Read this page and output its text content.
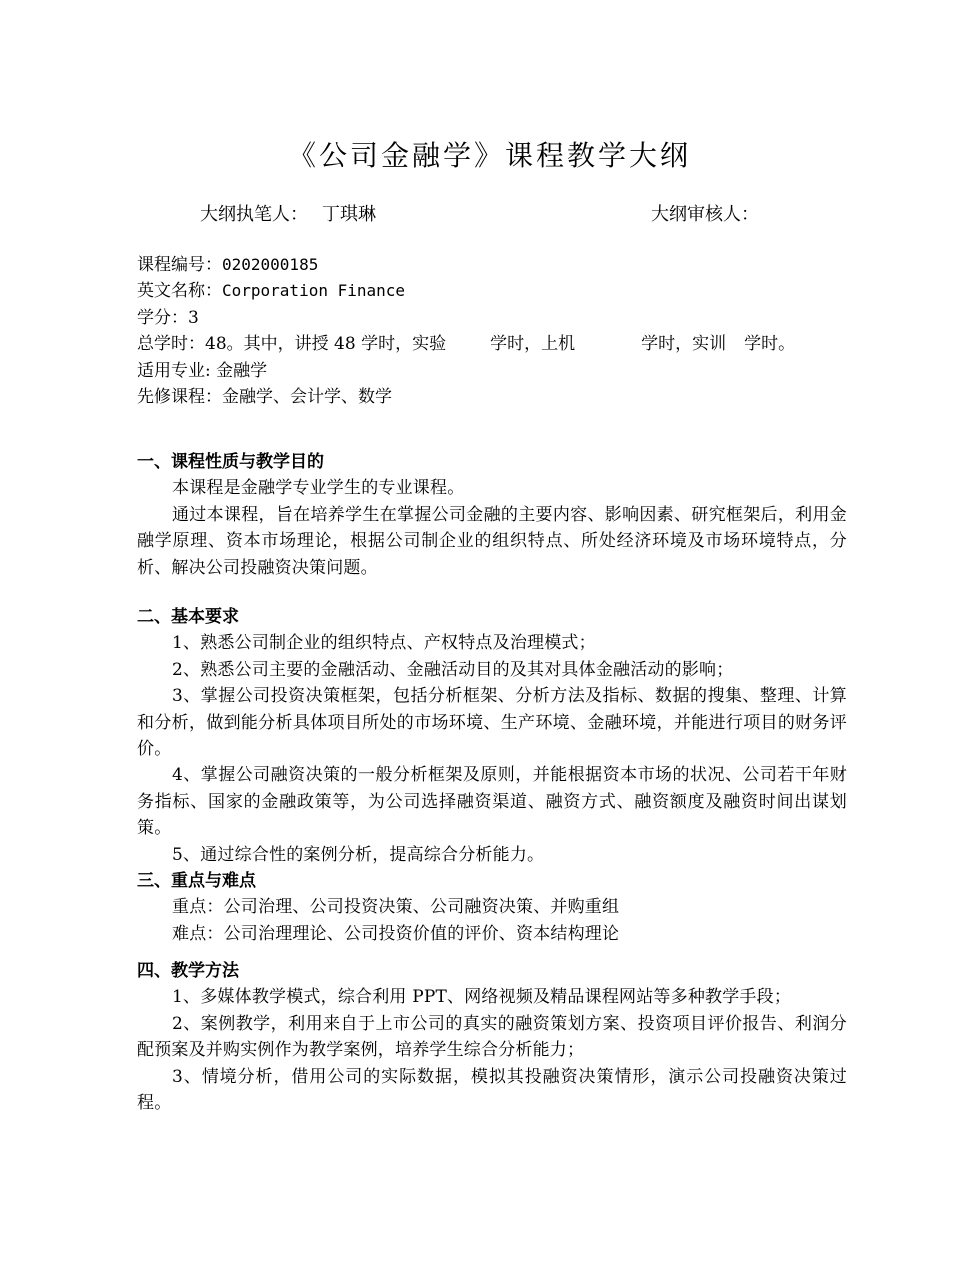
《公司金融学》课程教学大纲
大纲执笔人： 丁琪琳	大纲审核人：
课程编号：0202000185
英文名称：Corporation Finance
学分：3
总学时：48。其中，讲授 48 学时，实验	学时，上机	学时，实训 学时。
适用专业: 金融学
先修课程：金融学、会计学、数学
一、课程性质与教学目的

本课程是金融学专业学生的专业课程。

通过本课程，旨在培养学生在掌握公司金融的主要内容、影响因素、研究框架后，利用金融学原理、资本市场理论，根据公司制企业的组织特点、所处经济环境及市场环境特点，分析、解决公司投融资决策问题。

二、基本要求

1、熟悉公司制企业的组织特点、产权特点及治理模式；

2、熟悉公司主要的金融活动、金融活动目的及其对具体金融活动的影响；

3、掌握公司投资决策框架，包括分析框架、分析方法及指标、数据的搜集、整理、计算和分析，做到能分析具体项目所处的市场环境、生产环境、金融环境，并能进行项目的财务评价。

4、掌握公司融资决策的一般分析框架及原则，并能根据资本市场的状况、公司若干年财务指标、国家的金融政策等，为公司选择融资渠道、融资方式、融资额度及融资时间出谋划策。

5、通过综合性的案例分析，提高综合分析能力。

三、重点与难点

重点：公司治理、公司投资决策、公司融资决策、并购重组

难点：公司治理理论、公司投资价值的评价、资本结构理论

四、教学方法

1、多媒体教学模式，综合利用 PPT、网络视频及精品课程网站等多种教学手段；

2、案例教学，利用来自于上市公司的真实的融资策划方案、投资项目评价报告、利润分配预案及并购实例作为教学案例，培养学生综合分析能力；

3、情境分析，借用公司的实际数据，模拟其投融资决策情形，演示公司投融资决策过程。
